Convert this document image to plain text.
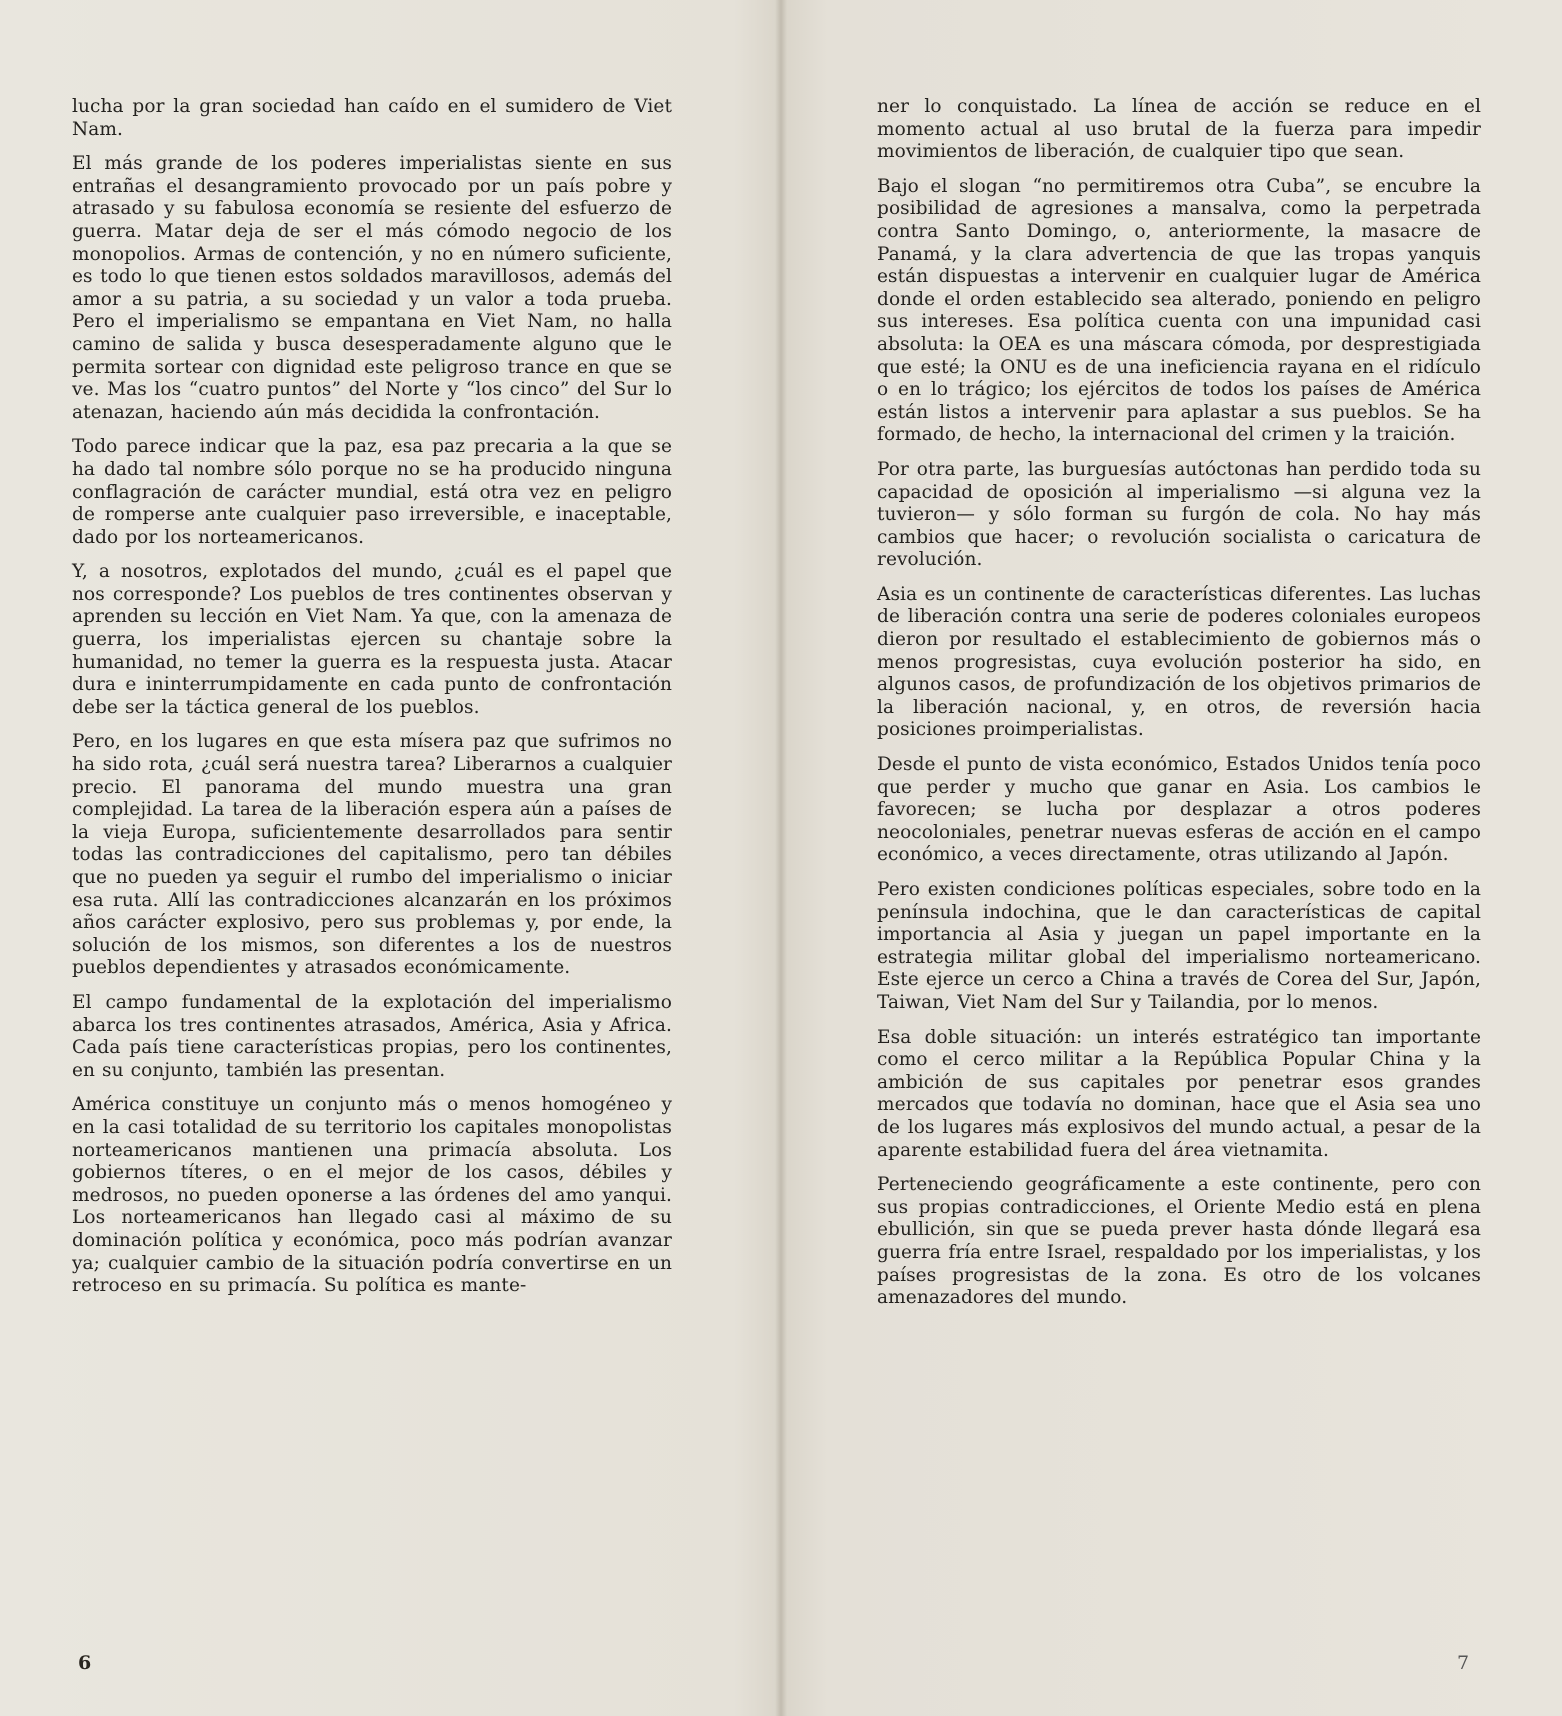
lucha por la gran sociedad han caído en el sumidero de Viet Nam.

El más grande de los poderes imperialistas siente en sus entrañas el desangramiento provocado por un país pobre y atrasado y su fabulosa economía se resiente del esfuerzo de guerra. Matar deja de ser el más cómodo negocio de los monopolios. Armas de contención, y no en número suficiente, es todo lo que tienen estos soldados maravillosos, además del amor a su patria, a su sociedad y un valor a toda prueba. Pero el imperialismo se empantana en Viet Nam, no halla camino de salida y busca desesperadamente alguno que le permita sortear con dignidad este peligroso trance en que se ve. Mas los “cuatro puntos” del Norte y “los cinco” del Sur lo atenazan, haciendo aún más decidida la confrontación.

Todo parece indicar que la paz, esa paz precaria a la que se ha dado tal nombre sólo porque no se ha producido ninguna conflagración de carácter mundial, está otra vez en peligro de romperse ante cualquier paso irreversible, e inaceptable, dado por los norteamericanos.

Y, a nosotros, explotados del mundo, ¿cuál es el papel que nos corresponde? Los pueblos de tres continentes observan y aprenden su lección en Viet Nam. Ya que, con la amenaza de guerra, los imperialistas ejercen su chantaje sobre la humanidad, no temer la guerra es la respuesta justa. Atacar dura e ininterrumpidamente en cada punto de confrontación debe ser la táctica general de los pueblos.

Pero, en los lugares en que esta mísera paz que sufrimos no ha sido rota, ¿cuál será nuestra tarea? Liberarnos a cualquier precio. El panorama del mundo muestra una gran complejidad. La tarea de la liberación espera aún a países de la vieja Europa, suficientemente desarrollados para sentir todas las contradicciones del capitalismo, pero tan débiles que no pueden ya seguir el rumbo del imperialismo o iniciar esa ruta. Allí las contradicciones alcanzarán en los próximos años carácter explosivo, pero sus problemas y, por ende, la solución de los mismos, son diferentes a los de nuestros pueblos dependientes y atrasados económicamente.

El campo fundamental de la explotación del imperialismo abarca los tres continentes atrasados, América, Asia y Africa. Cada país tiene características propias, pero los continentes, en su conjunto, también las presentan.

América constituye un conjunto más o menos homogéneo y en la casi totalidad de su territorio los capitales monopolistas norteamericanos mantienen una primacía absoluta. Los gobiernos títeres, o en el mejor de los casos, débiles y medrosos, no pueden oponerse a las órdenes del amo yanqui. Los norteamericanos han llegado casi al máximo de su dominación política y económica, poco más podrían avanzar ya; cualquier cambio de la situación podría convertirse en un retroceso en su primacía. Su política es mante-

ner lo conquistado. La línea de acción se reduce en el momento actual al uso brutal de la fuerza para impedir movimientos de liberación, de cualquier tipo que sean.

Bajo el slogan “no permitiremos otra Cuba”, se encubre la posibilidad de agresiones a mansalva, como la perpetrada contra Santo Domingo, o, anteriormente, la masacre de Panamá, y la clara advertencia de que las tropas yanquis están dispuestas a intervenir en cualquier lugar de América donde el orden establecido sea alterado, poniendo en peligro sus intereses. Esa política cuenta con una impunidad casi absoluta: la OEA es una máscara cómoda, por desprestigiada que esté; la ONU es de una ineficiencia rayana en el ridículo o en lo trágico; los ejércitos de todos los países de América están listos a intervenir para aplastar a sus pueblos. Se ha formado, de hecho, la internacional del crimen y la traición.

Por otra parte, las burguesías autóctonas han perdido toda su capacidad de oposición al imperialismo —si alguna vez la tuvieron— y sólo forman su furgón de cola. No hay más cambios que hacer; o revolución socialista o caricatura de revolución.

Asia es un continente de características diferentes. Las luchas de liberación contra una serie de poderes coloniales europeos dieron por resultado el establecimiento de gobiernos más o menos progresistas, cuya evolución posterior ha sido, en algunos casos, de profundización de los objetivos primarios de la liberación nacional, y, en otros, de reversión hacia posiciones proimperialistas.

Desde el punto de vista económico, Estados Unidos tenía poco que perder y mucho que ganar en Asia. Los cambios le favorecen; se lucha por desplazar a otros poderes neocoloniales, penetrar nuevas esferas de acción en el campo económico, a veces directamente, otras utilizando al Japón.

Pero existen condiciones políticas especiales, sobre todo en la península indochina, que le dan características de capital importancia al Asia y juegan un papel importante en la estrategia militar global del imperialismo norteamericano. Este ejerce un cerco a China a través de Corea del Sur, Japón, Taiwan, Viet Nam del Sur y Tailandia, por lo menos.

Esa doble situación: un interés estratégico tan importante como el cerco militar a la República Popular China y la ambición de sus capitales por penetrar esos grandes mercados que todavía no dominan, hace que el Asia sea uno de los lugares más explosivos del mundo actual, a pesar de la aparente estabilidad fuera del área vietnamita.

Perteneciendo geográficamente a este continente, pero con sus propias contradicciones, el Oriente Medio está en plena ebullición, sin que se pueda prever hasta dónde llegará esa guerra fría entre Israel, respaldado por los imperialistas, y los países progresistas de la zona. Es otro de los volcanes amenazadores del mundo.

6	7
